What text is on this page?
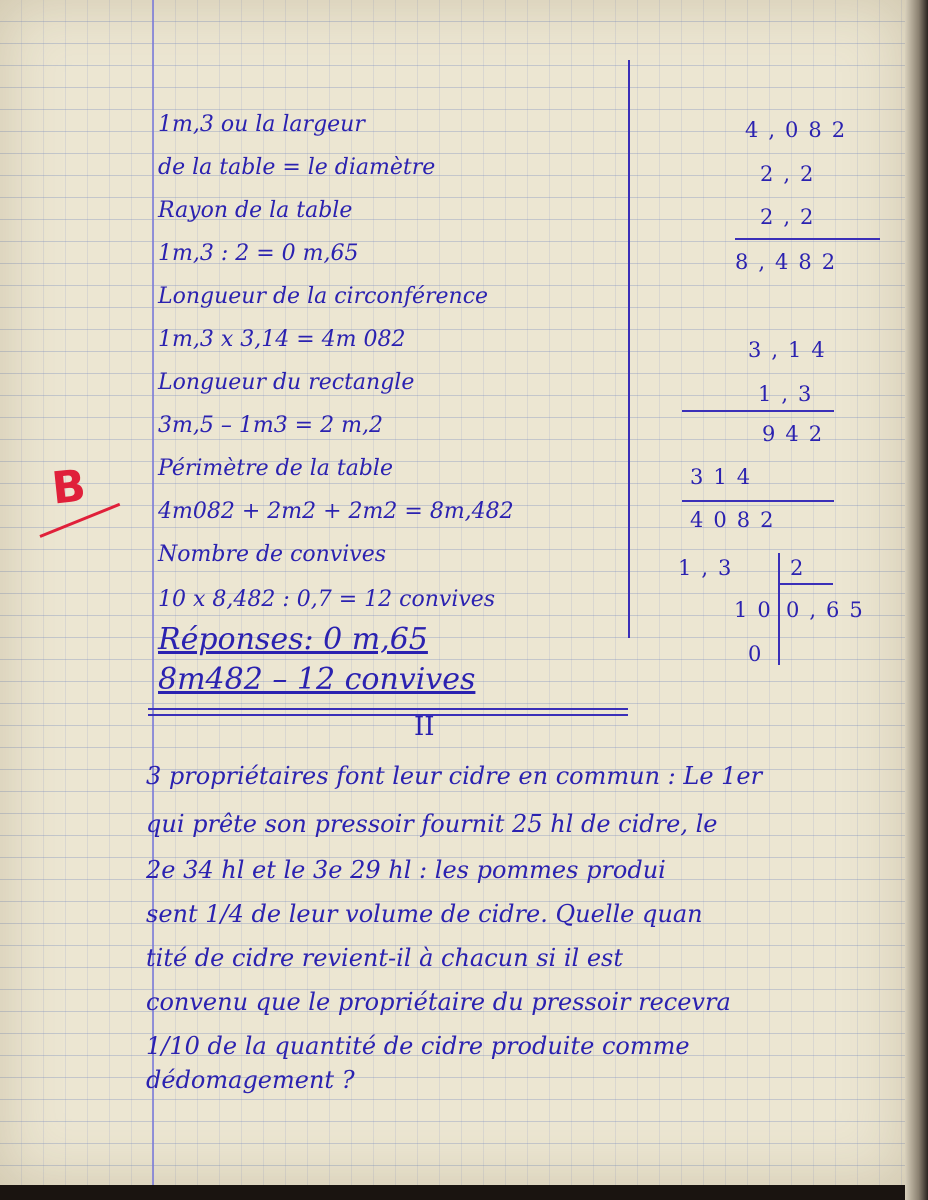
1m,3 ou la largeur
de la table = le diamètre
Rayon de la table
1m,3 : 2 = 0 m,65
Longueur de la circonférence
1m,3 x 3,14 = 4m 082
Longueur du rectangle
3m,5 – 1m3 = 2 m,2
Périmètre de la table
4m082 + 2m2 + 2m2 = 8m,482
Nombre de convives
10 x 8,482 : 0,7 = 12 convives
Réponses: 0 m,65
8m482 – 12 convives
4,082
2,2
2,2
8,482
3,14
1,3
942
314
4082
1,3 2
10 0,65
0
B
II
3 propriétaires font leur cidre en commun : Le 1er
qui prête son pressoir fournit 25 hl de cidre, le
2e 34 hl et le 3e 29 hl : les pommes produi
sent 1/4 de leur volume de cidre. Quelle quan
tité de cidre revient-il à chacun si il est
convenu que le propriétaire du pressoir recevra
1/10 de la quantité de cidre produite comme
dédomagement ?
